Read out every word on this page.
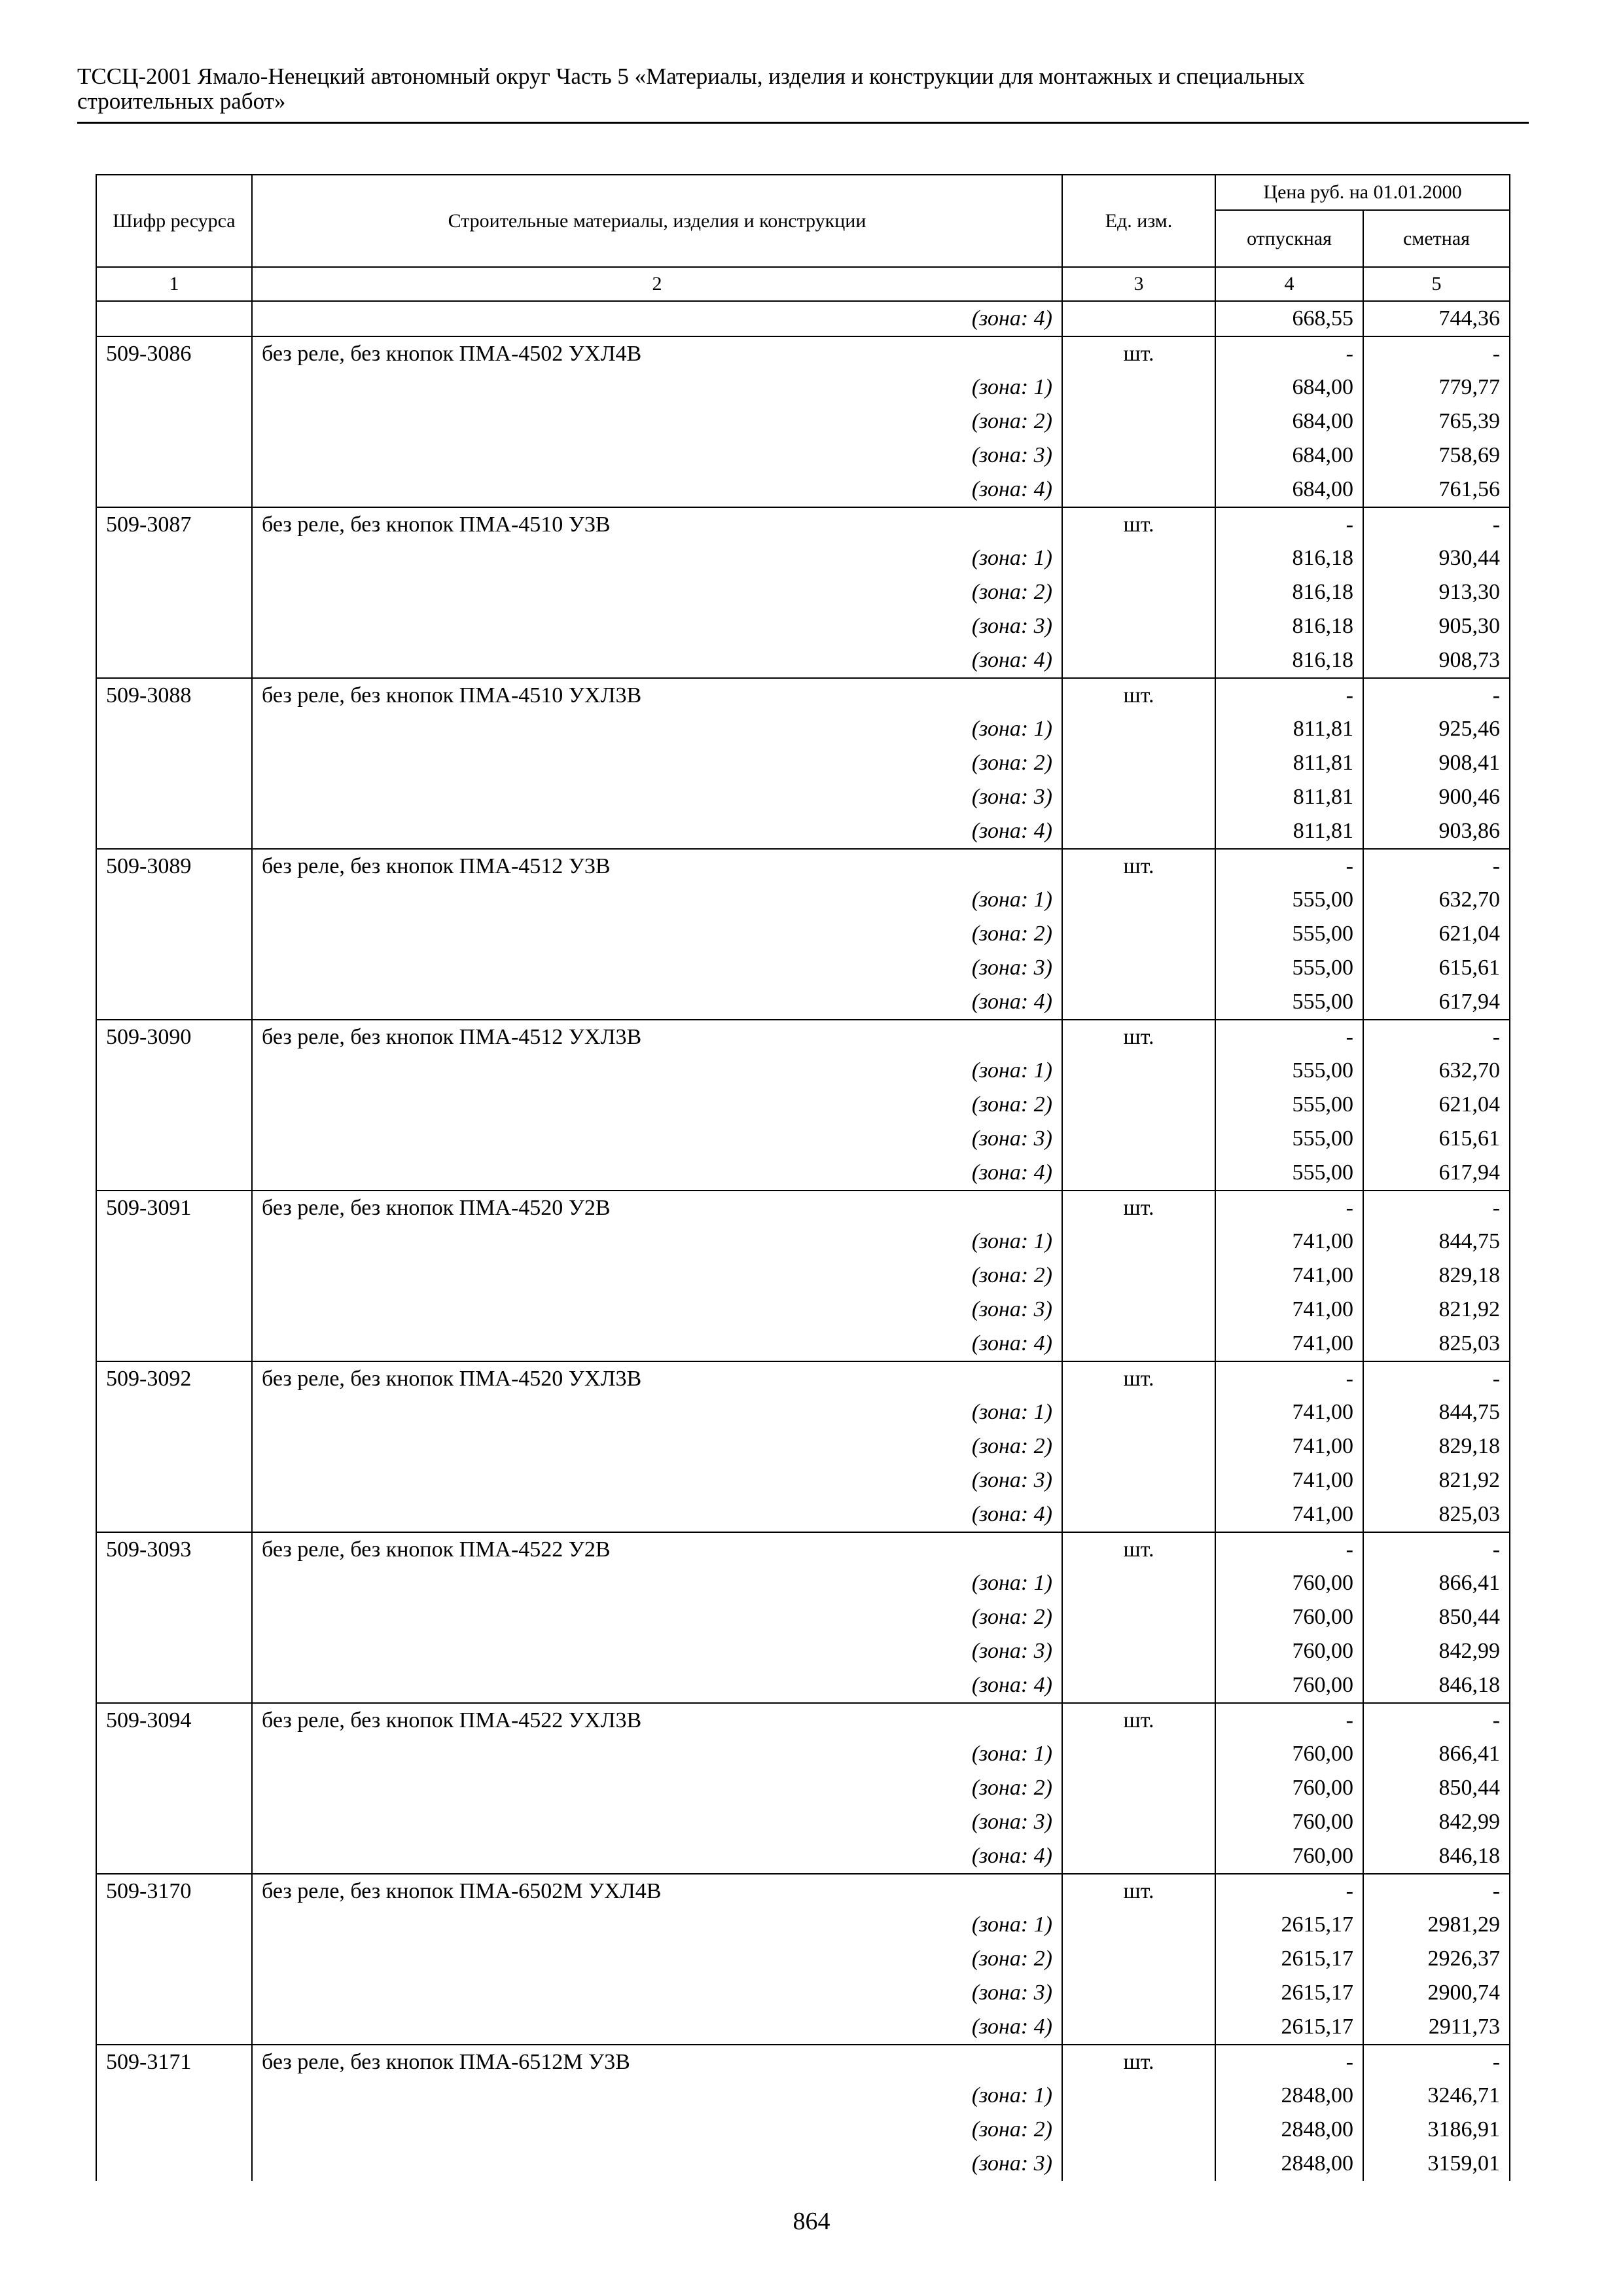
ТССЦ-2001 Ямало-Ненецкий автономный округ Часть 5 «Материалы, изделия и конструкции для монтажных и специальных
строительных работ»
Шифр ресурса	Строительные материалы, изделия и конструкции	Ед. изм.	Цена руб. на 01.01.2000	
			отпускная	сметная
1	2	3	4	5
	(зона: 4)		668,55	744,36
509-3086	без реле, без кнопок ПМА-4502 УХЛ4В	шт.	-	-
	(зона: 1)		684,00	779,77
	(зона: 2)		684,00	765,39
	(зона: 3)		684,00	758,69
	(зона: 4)		684,00	761,56
509-3087	без реле, без кнопок ПМА-4510 У3В	шт.	-	-
	(зона: 1)		816,18	930,44
	(зона: 2)		816,18	913,30
	(зона: 3)		816,18	905,30
	(зона: 4)		816,18	908,73
509-3088	без реле, без кнопок ПМА-4510 УХЛ3В	шт.	-	-
	(зона: 1)		811,81	925,46
	(зона: 2)		811,81	908,41
	(зона: 3)		811,81	900,46
	(зона: 4)		811,81	903,86
509-3089	без реле, без кнопок ПМА-4512 У3В	шт.	-	-
	(зона: 1)		555,00	632,70
	(зона: 2)		555,00	621,04
	(зона: 3)		555,00	615,61
	(зона: 4)		555,00	617,94
509-3090	без реле, без кнопок ПМА-4512 УХЛ3В	шт.	-	-
	(зона: 1)		555,00	632,70
	(зона: 2)		555,00	621,04
	(зона: 3)		555,00	615,61
	(зона: 4)		555,00	617,94
509-3091	без реле, без кнопок ПМА-4520 У2В	шт.	-	-
	(зона: 1)		741,00	844,75
	(зона: 2)		741,00	829,18
	(зона: 3)		741,00	821,92
	(зона: 4)		741,00	825,03
509-3092	без реле, без кнопок ПМА-4520 УХЛ3В	шт.	-	-
	(зона: 1)		741,00	844,75
	(зона: 2)		741,00	829,18
	(зона: 3)		741,00	821,92
	(зона: 4)		741,00	825,03
509-3093	без реле, без кнопок ПМА-4522 У2В	шт.	-	-
	(зона: 1)		760,00	866,41
	(зона: 2)		760,00	850,44
	(зона: 3)		760,00	842,99
	(зона: 4)		760,00	846,18
509-3094	без реле, без кнопок ПМА-4522 УХЛ3В	шт.	-	-
	(зона: 1)		760,00	866,41
	(зона: 2)		760,00	850,44
	(зона: 3)		760,00	842,99
	(зона: 4)		760,00	846,18
509-3170	без реле, без кнопок ПМА-6502М УХЛ4В	шт.	-	-
	(зона: 1)		2615,17	2981,29
	(зона: 2)		2615,17	2926,37
	(зона: 3)		2615,17	2900,74
	(зона: 4)		2615,17	2911,73
509-3171	без реле, без кнопок ПМА-6512М У3В	шт.	-	-
	(зона: 1)		2848,00	3246,71
	(зона: 2)		2848,00	3186,91
	(зона: 3)		2848,00	3159,01
864
